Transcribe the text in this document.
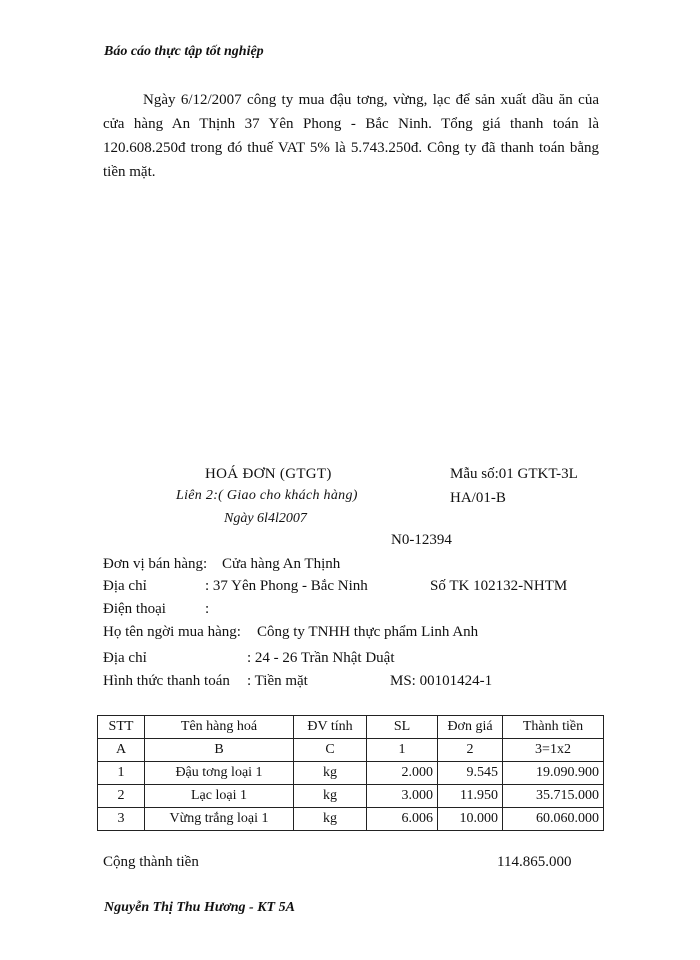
Báo cáo thực tập tốt nghiệp

Ngày 6/12/2007 công ty mua đậu tơng, vừng, lạc để sản xuất dầu ăn của cửa hàng An Thịnh 37 Yên Phong - Bắc Ninh. Tổng giá thanh toán là 120.608.250đ trong đó thuế VAT 5% là 5.743.250đ. Công ty đã thanh toán bằng tiền mặt.

HOÁ ĐƠN (GTGT)
Liên 2:( Giao cho khách hàng)
Ngày 6l4l2007
Mẫu số:01 GTKT-3L
HA/01-B
N0-12394
Đơn vị bán hàng: Cửa hàng An Thịnh
Địa chỉ	: 37 Yên Phong - Bắc Ninh	Số TK 102132-NHTM
Điện thoại	:
Họ tên ngời mua hàng: Công ty TNHH thực phẩm Linh Anh
Địa chỉ	: 24 - 26 Trần Nhật Duật
Hình thức thanh toán : Tiền mặt	MS: 00101424-1
STT	Tên hàng hoá	ĐV tính	SL	Đơn giá	Thành tiền
A	B	C	1	2	3=1x2
1	Đậu tơng loại 1	kg	2.000	9.545	19.090.900
2	Lạc loại 1	kg	3.000	11.950	35.715.000
3	Vừng trắng loại 1	kg	6.006	10.000	60.060.000
Cộng thành tiền	114.865.000
Nguyễn Thị Thu Hương - KT 5A
